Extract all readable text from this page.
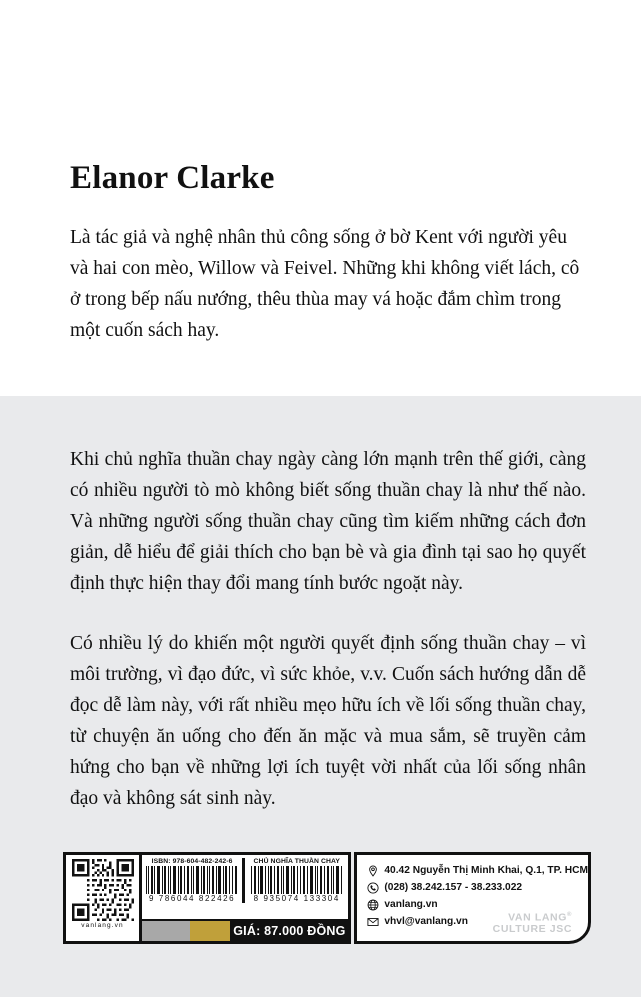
Elanor Clarke

Là tác giả và nghệ nhân thủ công sống ở bờ Kent với người yêu và hai con mèo, Willow và Feivel. Những khi không viết lách, cô ở trong bếp nấu nướng, thêu thùa may vá hoặc đắm chìm trong một cuốn sách hay.

Khi chủ nghĩa thuần chay ngày càng lớn mạnh trên thế giới, càng có nhiều người tò mò không biết sống thuần chay là như thế nào. Và những người sống thuần chay cũng tìm kiếm những cách đơn giản, dễ hiểu để giải thích cho bạn bè và gia đình tại sao họ quyết định thực hiện thay đổi mang tính bước ngoặt này.

Có nhiều lý do khiến một người quyết định sống thuần chay – vì môi trường, vì đạo đức, vì sức khỏe, v.v. Cuốn sách hướng dẫn dễ đọc dễ làm này, với rất nhiều mẹo hữu ích về lối sống thuần chay, từ chuyện ăn uống cho đến ăn mặc và mua sắm, sẽ truyền cảm hứng cho bạn về những lợi ích tuyệt vời nhất của lối sống nhân đạo và không sát sinh này.

vanlang.vn
ISBN: 978-604-482-242-6
9 786044 822426
CHỦ NGHĨA THUẦN CHAY
8 935074 133304
GIÁ: 87.000 ĐỒNG
40.42 Nguyễn Thị Minh Khai, Q.1, TP. HCM
(028) 38.242.157 - 38.233.022
vanlang.vn
vhvl@vanlang.vn	VAN LANG®
CULTURE JSC
